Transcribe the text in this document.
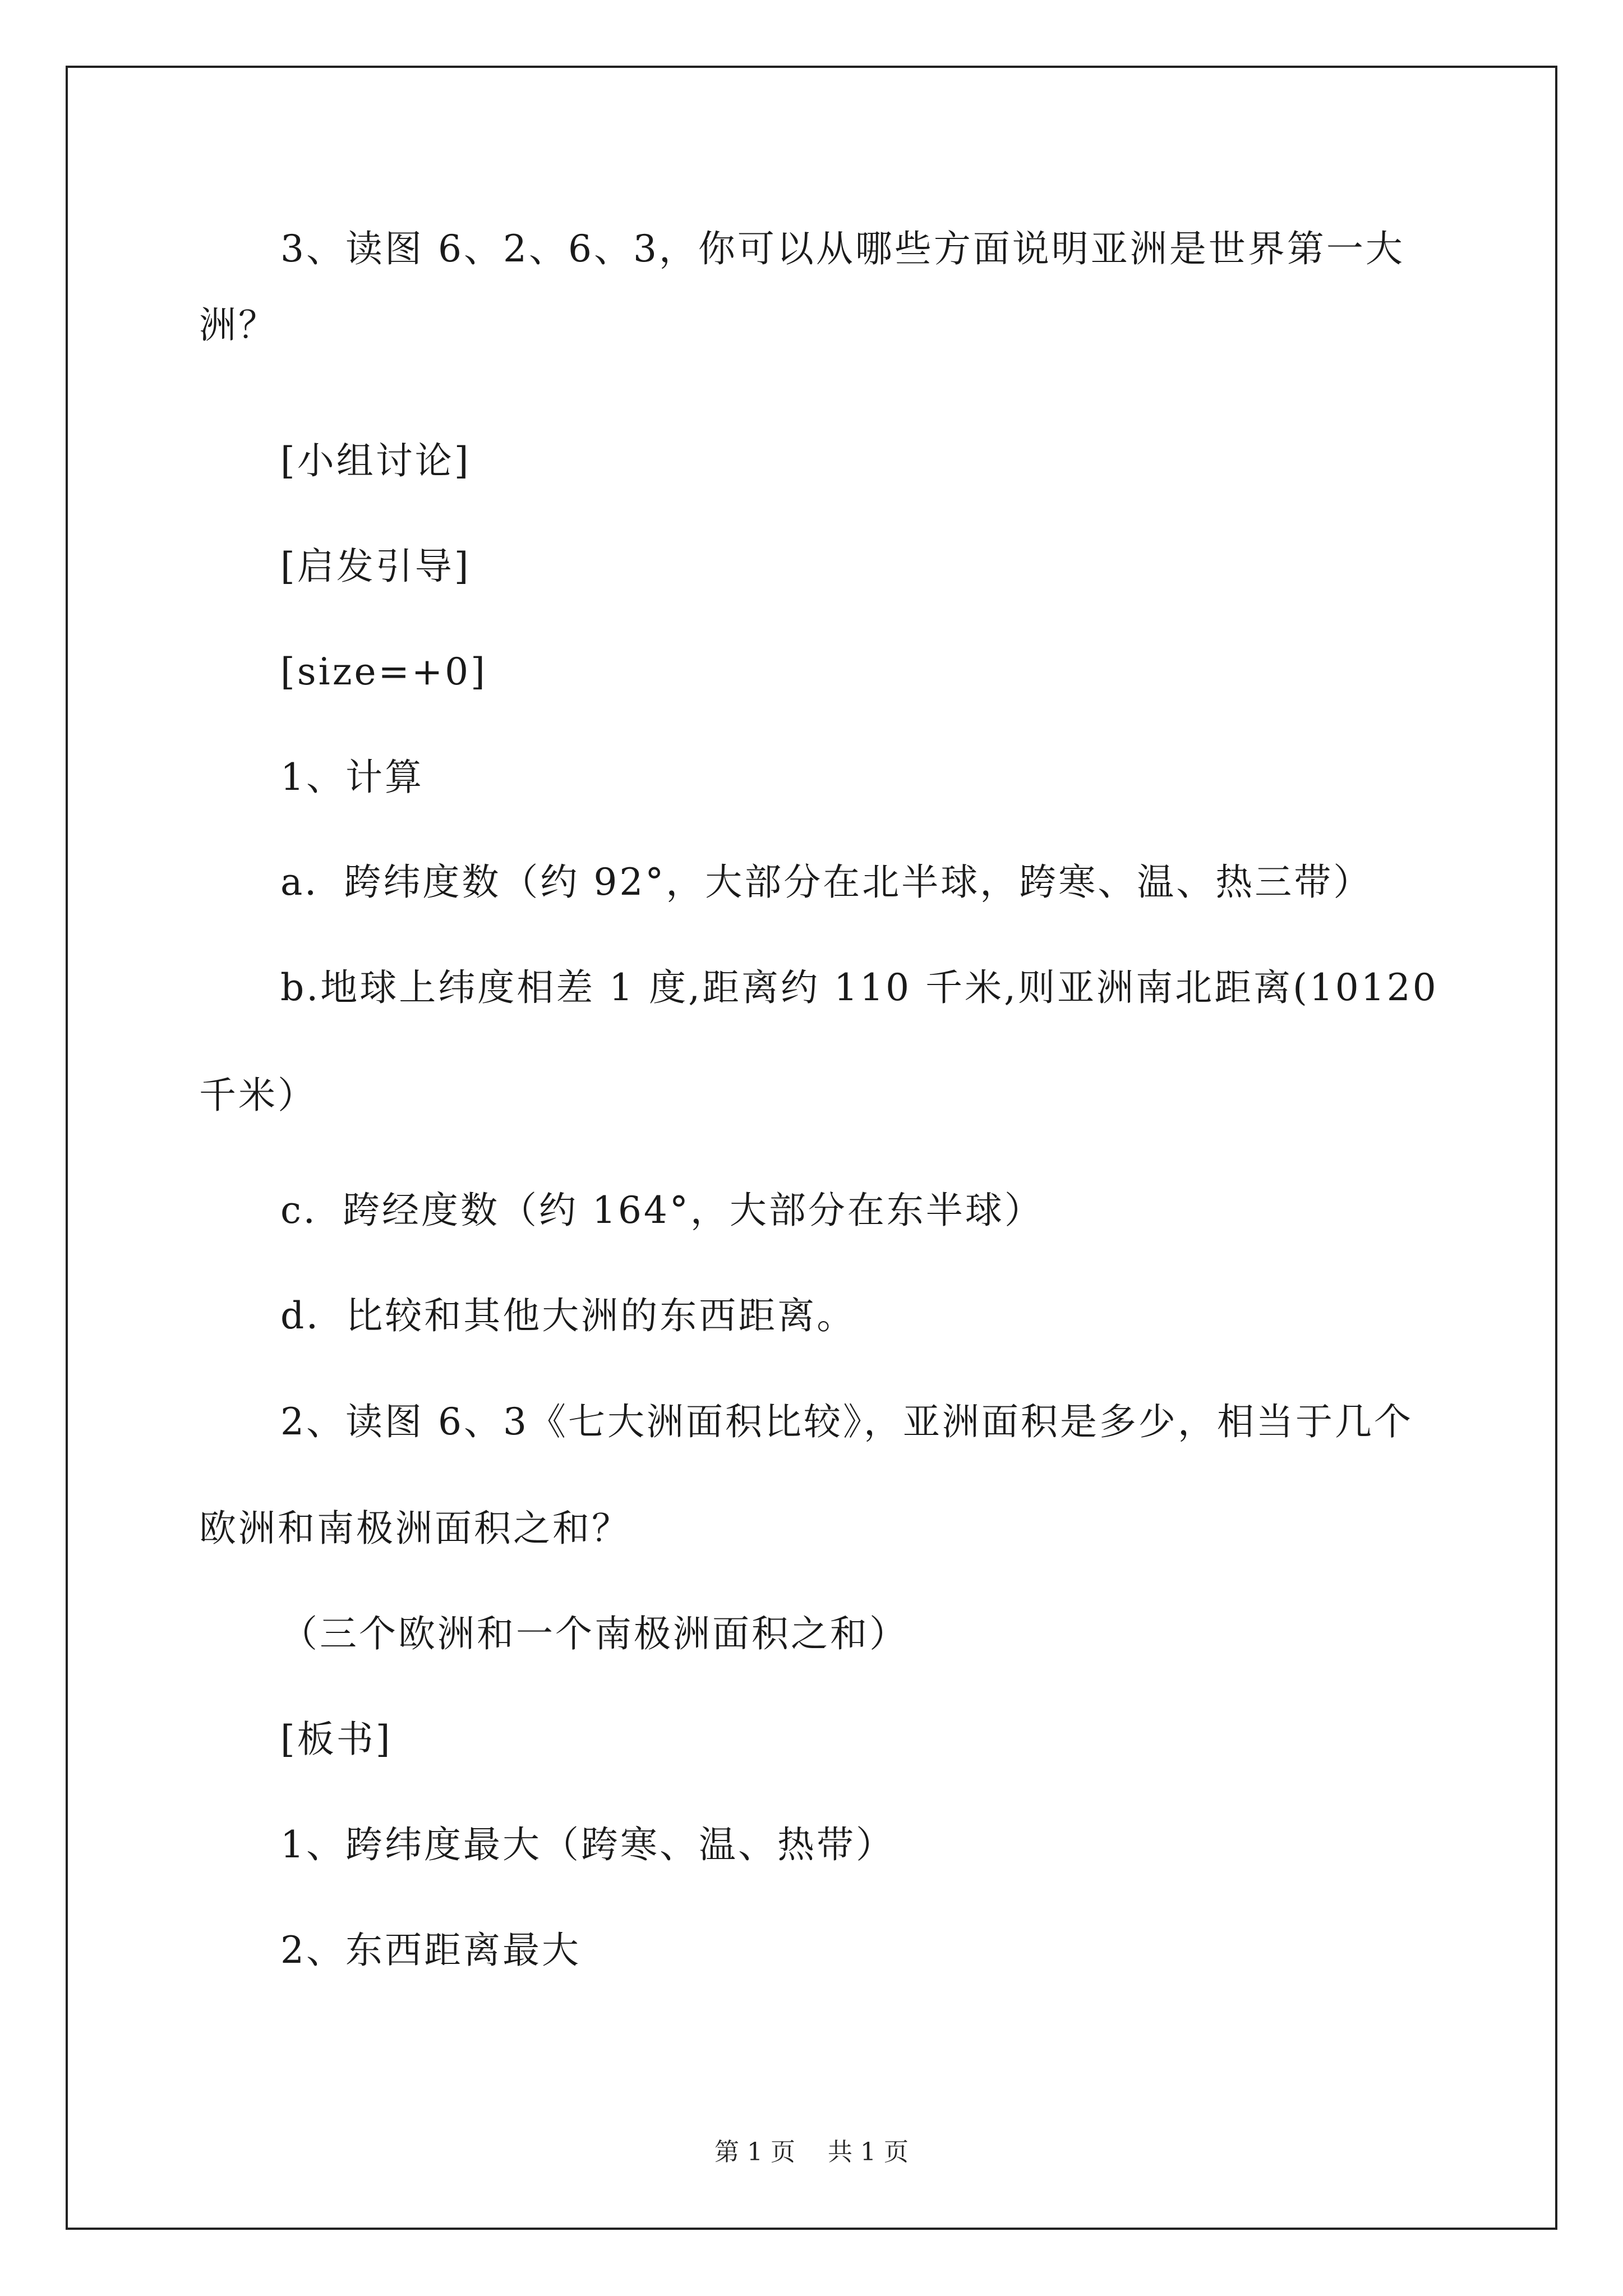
3、读图 6、2、6、3，你可以从哪些方面说明亚洲是世界第一大
洲？
[小组讨论]
[启发引导]
[size=+0]
1、计算
a．跨纬度数（约 92°，大部分在北半球，跨寒、温、热三带）
b.地球上纬度相差 1 度,距离约 110 千米,则亚洲南北距离(10120
千米）
c．跨经度数（约 164°，大部分在东半球）
d．比较和其他大洲的东西距离。
2、读图 6、3《七大洲面积比较》，亚洲面积是多少，相当于几个
欧洲和南极洲面积之和？
（三个欧洲和一个南极洲面积之和）
[板书]
1、跨纬度最大（跨寒、温、热带）
2、东西距离最大
第 1 页　 共 1 页
